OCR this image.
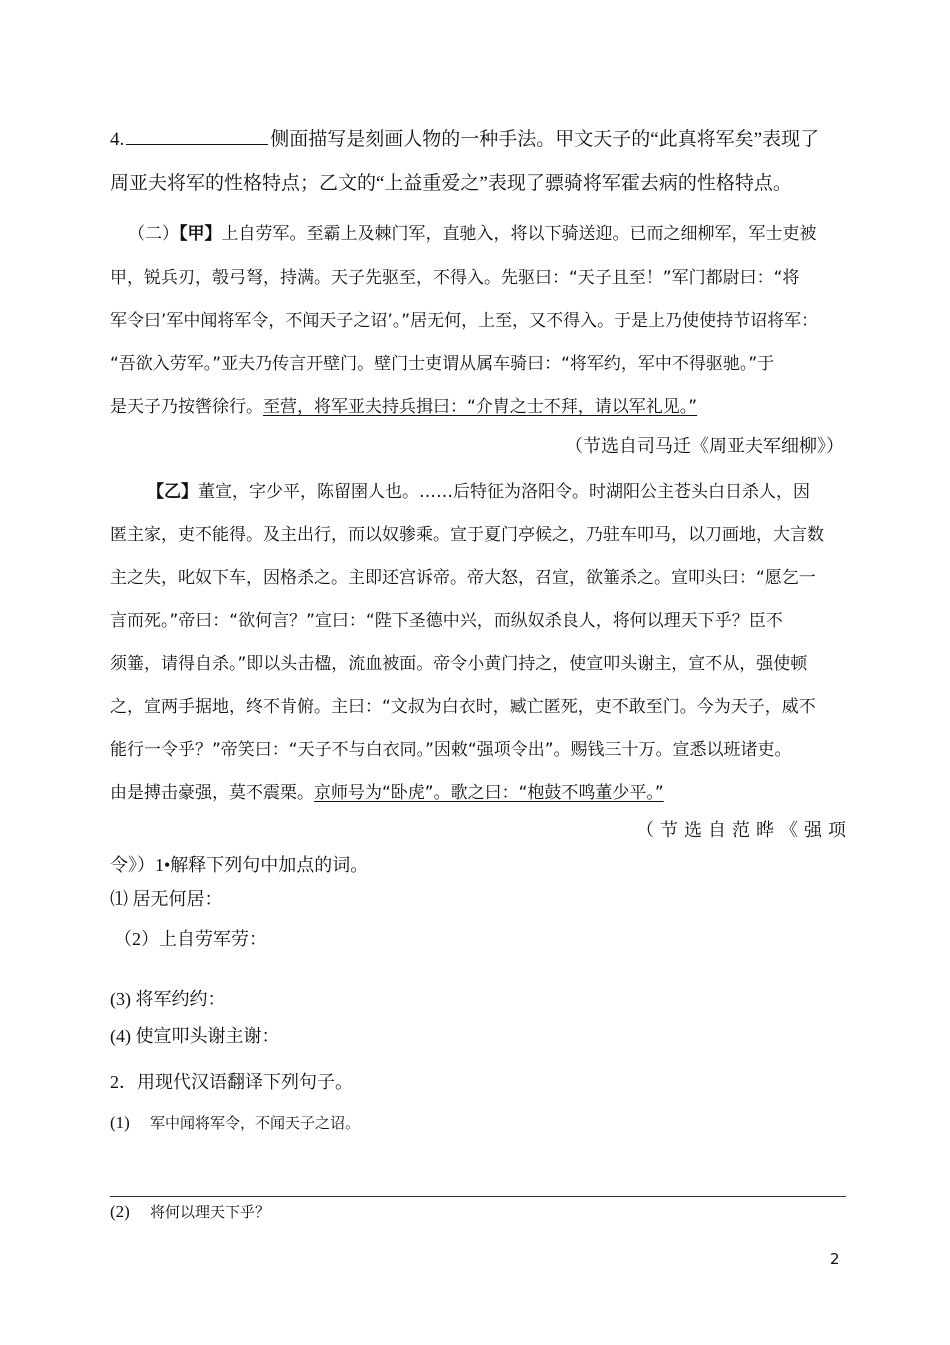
4.	侧面描写是刻画人物的一种手法。甲文天子的“此真将军矣”表现了
周亚夫将军的性格特点；乙文的“上益重爱之”表现了骠骑将军霍去病的性格特点。
（二）【甲】上自劳军。至霸上及棘门军，直驰入，将以下骑送迎。已而之细柳军，军士吏被
甲，锐兵刃，彀弓弩，持满。天子先驱至，不得入。先驱曰：“天子且至！”军门都尉曰：“将
军令曰’军中闻将军令，不闻天子之诏’。”居无何，上至，又不得入。于是上乃使使持节诏将军：
“吾欲入劳军。”亚夫乃传言开壁门。壁门士吏谓从属车骑曰：“将军约，军中不得驱驰。”于
是天子乃按辔徐行。至营，将军亚夫持兵揖曰：“介胄之士不拜，请以军礼见。”
（节选自司马迁《周亚夫军细柳》）
【乙】董宣，字少平，陈留圉人也。……后特征为洛阳令。时湖阳公主苍头白日杀人，因
匿主家，吏不能得。及主出行，而以奴骖乘。宣于夏门亭候之，乃驻车叩马，以刀画地，大言数
主之失，叱奴下车，因格杀之。主即还宫诉帝。帝大怒，召宣，欲箠杀之。宣叩头曰：“愿乞一
言而死。”帝曰：“欲何言？”宣曰：“陛下圣德中兴，而纵奴杀良人，将何以理天下乎？臣不
须箠，请得自杀。”即以头击楹，流血被面。帝令小黄门持之，使宣叩头谢主，宣不从，强使顿
之，宣两手据地，终不肯俯。主曰：“文叔为白衣时，臧亡匿死，吏不敢至门。今为天子，威不
能行一令乎？”帝笑曰：“天子不与白衣同。”因敕“强项令出”。赐钱三十万。宣悉以班诸吏。
由是搏击豪强，莫不震栗。京师号为“卧虎”。歌之曰：“枹鼓不鸣董少平。”
（ 节 选 自 范 晔 《 强 项
令》）1•解释下列句中加点的词。
⑴ 居无何居：
（2）上自劳军劳：
(3) 将军约约：
(4) 使宣叩头谢主谢：
2．用现代汉语翻译下列句子。
(1) 军中闻将军令，不闻天子之诏。
(2) 将何以理天下乎？
2
